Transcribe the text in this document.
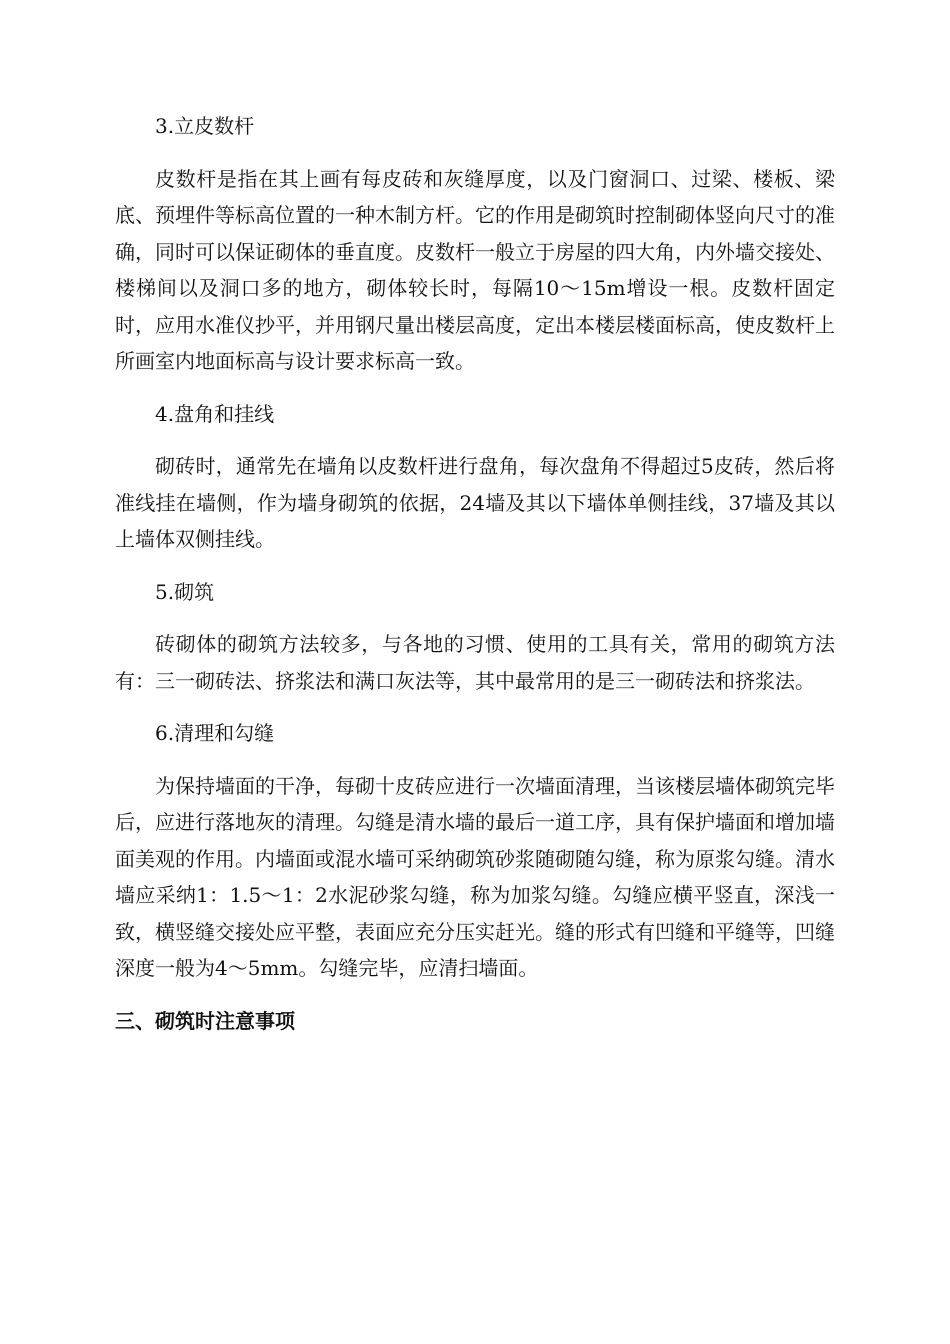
3.立皮数杆

皮数杆是指在其上画有每皮砖和灰缝厚度，以及门窗洞口、过梁、楼板、梁底、预埋件等标高位置的一种木制方杆。它的作用是砌筑时控制砌体竖向尺寸的准确，同时可以保证砌体的垂直度。皮数杆一般立于房屋的四大角，内外墙交接处、楼梯间以及洞口多的地方，砌体较长时，每隔10～15m增设一根。皮数杆固定时，应用水准仪抄平，并用钢尺量出楼层高度，定出本楼层楼面标高，使皮数杆上所画室内地面标高与设计要求标高一致。

4.盘角和挂线

砌砖时，通常先在墙角以皮数杆进行盘角，每次盘角不得超过5皮砖，然后将准线挂在墙侧，作为墙身砌筑的依据，24墙及其以下墙体单侧挂线，37墙及其以上墙体双侧挂线。

5.砌筑

砖砌体的砌筑方法较多，与各地的习惯、使用的工具有关，常用的砌筑方法有：三一砌砖法、挤浆法和满口灰法等，其中最常用的是三一砌砖法和挤浆法。

6.清理和勾缝

为保持墙面的干净，每砌十皮砖应进行一次墙面清理，当该楼层墙体砌筑完毕后，应进行落地灰的清理。勾缝是清水墙的最后一道工序，具有保护墙面和增加墙面美观的作用。内墙面或混水墙可采纳砌筑砂浆随砌随勾缝，称为原浆勾缝。清水墙应采纳1：1.5～1：2水泥砂浆勾缝，称为加浆勾缝。勾缝应横平竖直，深浅一致，横竖缝交接处应平整，表面应充分压实赶光。缝的形式有凹缝和平缝等，凹缝深度一般为4～5mm。勾缝完毕，应清扫墙面。

三、砌筑时注意事项
